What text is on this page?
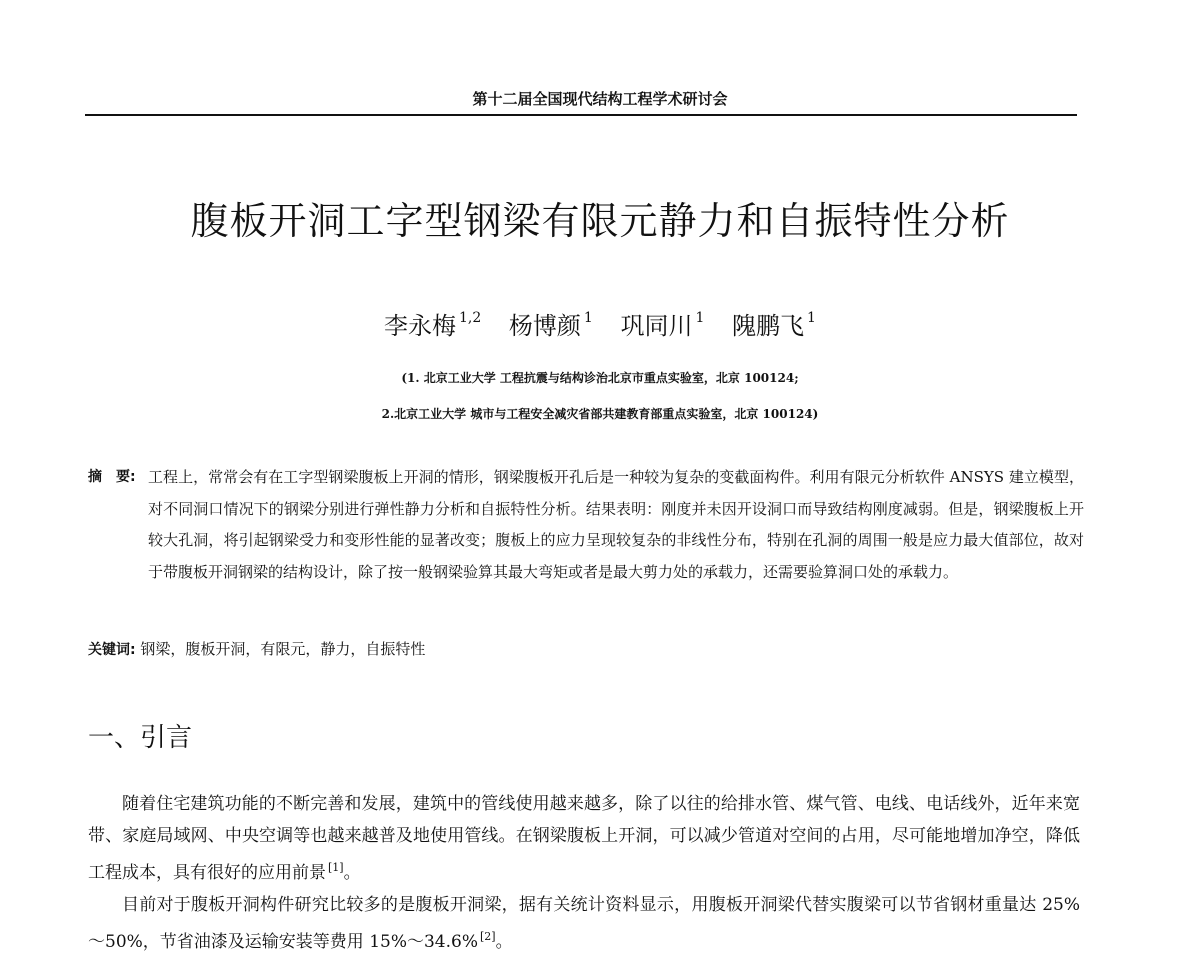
第十二届全国现代结构工程学术研讨会
腹板开洞工字型钢梁有限元静力和自振特性分析
李永梅 $^{1,2}$ 杨博颜 $^1$ 巩同川 $^1$ 隗鹏飞 $^1$
(1. 北京工业大学 工程抗震与结构诊治北京市重点实验室，北京 100124;
2.北京工业大学 城市与工程安全减灾省部共建教育部重点实验室，北京 100124)
摘　要: 工程上，常常会有在工字型钢梁腹板上开洞的情形，钢梁腹板开孔后是一种较为复杂的变截面构件。利用有限元分析软件 ANSYS 建立模型，对不同洞口情况下的钢梁分别进行弹性静力分析和自振特性分析。结果表明：刚度并未因开设洞口而导致结构刚度减弱。但是，钢梁腹板上开较大孔洞，将引起钢梁受力和变形性能的显著改变；腹板上的应力呈现较复杂的非线性分布，特别在孔洞的周围一般是应力最大值部位，故对于带腹板开洞钢梁的结构设计，除了按一般钢梁验算其最大弯矩或者是最大剪力处的承载力，还需要验算洞口处的承载力。
关键词: 钢梁，腹板开洞，有限元，静力，自振特性
一、引言

随着住宅建筑功能的不断完善和发展，建筑中的管线使用越来越多，除了以往的给排水管、煤气管、电线、电话线外，近年来宽带、家庭局域网、中央空调等也越来越普及地使用管线。在钢梁腹板上开洞，可以减少管道对空间的占用，尽可能地增加净空，降低工程成本，具有很好的应用前景 [1]。

目前对于腹板开洞构件研究比较多的是腹板开洞梁，据有关统计资料显示，用腹板开洞梁代替实腹梁可以节省钢材重量达 25%～50%，节省油漆及运输安装等费用 15%～34.6% [2]。
